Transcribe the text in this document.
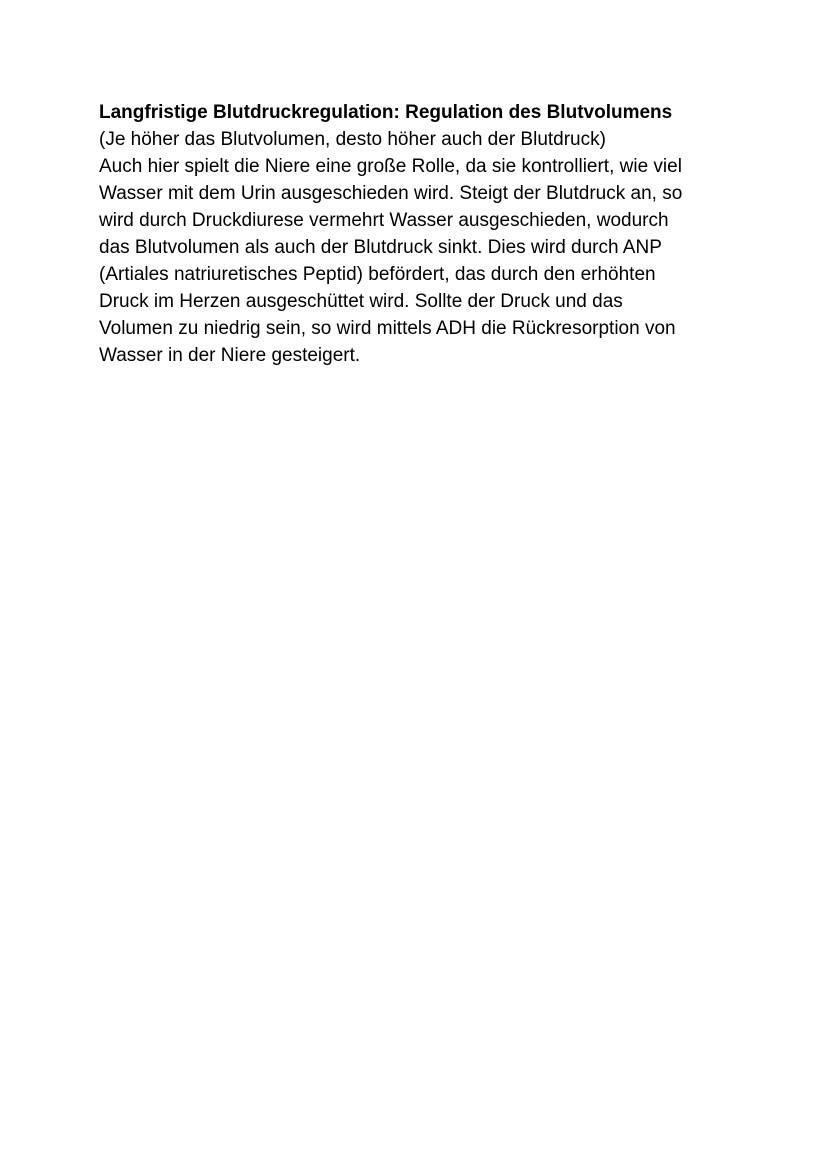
Langfristige Blutdruckregulation: Regulation des Blutvolumens
(Je höher das Blutvolumen, desto höher auch der Blutdruck)
Auch hier spielt die Niere eine große Rolle, da sie kontrolliert, wie viel
Wasser mit dem Urin ausgeschieden wird. Steigt der Blutdruck an, so
wird durch Druckdiurese vermehrt Wasser ausgeschieden, wodurch
das Blutvolumen als auch der Blutdruck sinkt. Dies wird durch ANP
(Artiales natriuretisches Peptid) befördert, das durch den erhöhten
Druck im Herzen ausgeschüttet wird. Sollte der Druck und das
Volumen zu niedrig sein, so wird mittels ADH die Rückresorption von
Wasser in der Niere gesteigert.
